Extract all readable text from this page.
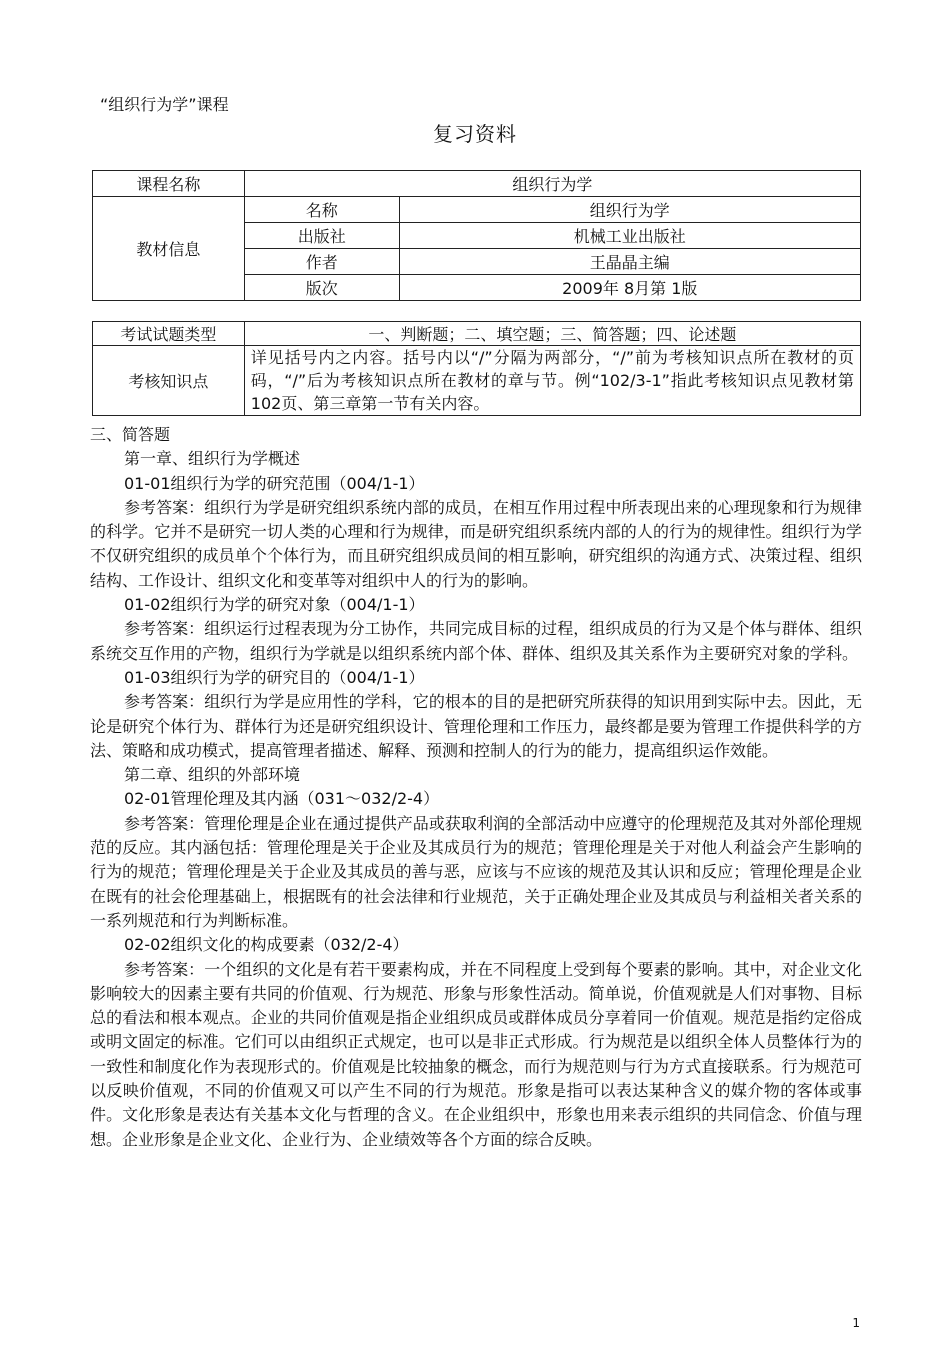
“组织行为学”课程
复习资料
课程名称	组织行为学	
教材信息	名称	组织行为学
	出版社	机械工业出版社
	作者	王晶晶主编
	版次	2009年 8月第 1版
考试试题类型	一、判断题；二、填空题；三、简答题；四、论述题
考核知识点	详见括号内之内容。括号内以“/”分隔为两部分，“/”前为考核知识点所在教材的页码，“/”后为考核知识点所在教材的章与节。例“102/3-1”指此考核知识点见教材第 102页、第三章第一节有关内容。

三、简答题

第一章、组织行为学概述

01-01组织行为学的研究范围（004/1-1）

参考答案：组织行为学是研究组织系统内部的成员，在相互作用过程中所表现出来的心理现象和行为规律的科学。它并不是研究一切人类的心理和行为规律，而是研究组织系统内部的人的行为的规律性。组织行为学不仅研究组织的成员单个个体行为，而且研究组织成员间的相互影响，研究组织的沟通方式、决策过程、组织结构、工作设计、组织文化和变革等对组织中人的行为的影响。

01-02组织行为学的研究对象（004/1-1）

参考答案：组织运行过程表现为分工协作，共同完成目标的过程，组织成员的行为又是个体与群体、组织系统交互作用的产物，组织行为学就是以组织系统内部个体、群体、组织及其关系作为主要研究对象的学科。

01-03组织行为学的研究目的（004/1-1）

参考答案：组织行为学是应用性的学科，它的根本的目的是把研究所获得的知识用到实际中去。因此，无论是研究个体行为、群体行为还是研究组织设计、管理伦理和工作压力，最终都是要为管理工作提供科学的方法、策略和成功模式，提高管理者描述、解释、预测和控制人的行为的能力，提高组织运作效能。

第二章、组织的外部环境

02-01管理伦理及其内涵（031～032/2-4）

参考答案：管理伦理是企业在通过提供产品或获取利润的全部活动中应遵守的伦理规范及其对外部伦理规范的反应。其内涵包括：管理伦理是关于企业及其成员行为的规范；管理伦理是关于对他人利益会产生影响的行为的规范；管理伦理是关于企业及其成员的善与恶，应该与不应该的规范及其认识和反应；管理伦理是企业在既有的社会伦理基础上，根据既有的社会法律和行业规范，关于正确处理企业及其成员与利益相关者关系的一系列规范和行为判断标准。

02-02组织文化的构成要素（032/2-4）

参考答案：一个组织的文化是有若干要素构成，并在不同程度上受到每个要素的影响。其中，对企业文化影响较大的因素主要有共同的价值观、行为规范、形象与形象性活动。简单说，价值观就是人们对事物、目标总的看法和根本观点。企业的共同价值观是指企业组织成员或群体成员分享着同一价值观。规范是指约定俗成或明文固定的标准。它们可以由组织正式规定，也可以是非正式形成。行为规范是以组织全体人员整体行为的一致性和制度化作为表现形式的。价值观是比较抽象的概念，而行为规范则与行为方式直接联系。行为规范可以反映价值观，不同的价值观又可以产生不同的行为规范。形象是指可以表达某种含义的媒介物的客体或事件。文化形象是表达有关基本文化与哲理的含义。在企业组织中，形象也用来表示组织的共同信念、价值与理想。企业形象是企业文化、企业行为、企业绩效等各个方面的综合反映。

1
